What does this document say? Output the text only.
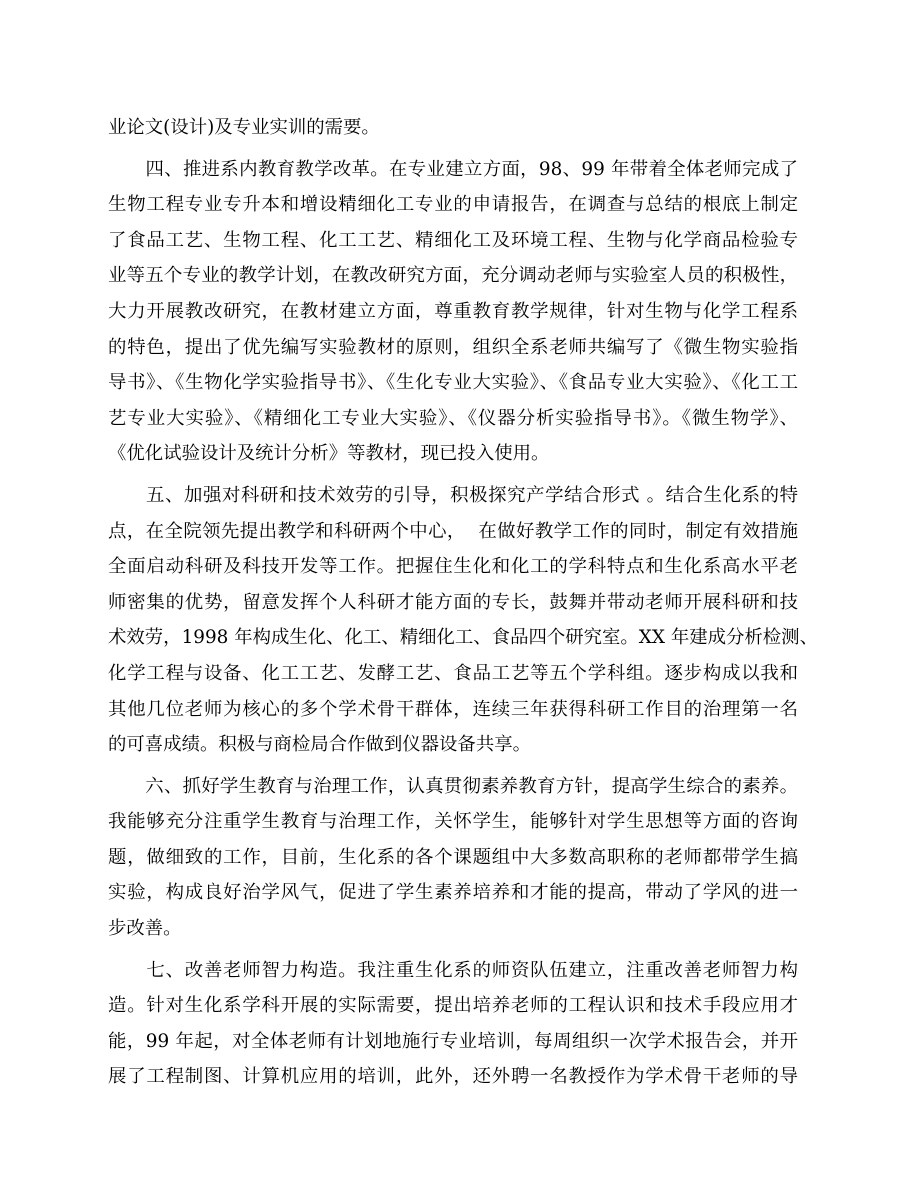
业论文(设计)及专业实训的需要。
　　四、推进系内教育教学改革。在专业建立方面，98、99 年带着全体老师完成了
生物工程专业专升本和增设精细化工专业的申请报告，在调查与总结的根底上制定
了食品工艺、生物工程、化工工艺、精细化工及环境工程、生物与化学商品检验专
业等五个专业的教学计划，在教改研究方面，充分调动老师与实验室人员的积极性，
大力开展教改研究，在教材建立方面，尊重教育教学规律，针对生物与化学工程系
的特色，提出了优先编写实验教材的原则，组织全系老师共编写了《微生物实验指
导书》、《生物化学实验指导书》、《生化专业大实验》、《食品专业大实验》、《化工工
艺专业大实验》、《精细化工专业大实验》、《仪器分析实验指导书》。《微生物学》、
《优化试验设计及统计分析》等教材，现已投入使用。
　　五、加强对科研和技术效劳的引导，积极探究产学结合形式 。结合生化系的特
点，在全院领先提出教学和科研两个中心，  在做好教学工作的同时，制定有效措施
全面启动科研及科技开发等工作。把握住生化和化工的学科特点和生化系高水平老
师密集的优势，留意发挥个人科研才能方面的专长，鼓舞并带动老师开展科研和技
术效劳，1998 年构成生化、化工、精细化工、食品四个研究室。XX 年建成分析检测、
化学工程与设备、化工工艺、发酵工艺、食品工艺等五个学科组。逐步构成以我和
其他几位老师为核心的多个学术骨干群体，连续三年获得科研工作目的治理第一名
的可喜成绩。积极与商检局合作做到仪器设备共享。
　　六、抓好学生教育与治理工作，认真贯彻素养教育方针，提高学生综合的素养。
我能够充分注重学生教育与治理工作，关怀学生，能够针对学生思想等方面的咨询
题，做细致的工作，目前，生化系的各个课题组中大多数高职称的老师都带学生搞
实验，构成良好治学风气，促进了学生素养培养和才能的提高，带动了学风的进一
步改善。
　　七、改善老师智力构造。我注重生化系的师资队伍建立，注重改善老师智力构
造。针对生化系学科开展的实际需要，提出培养老师的工程认识和技术手段应用才
能，99 年起，对全体老师有计划地施行专业培训，每周组织一次学术报告会，并开
展了工程制图、计算机应用的培训，此外，还外聘一名教授作为学术骨干老师的导
